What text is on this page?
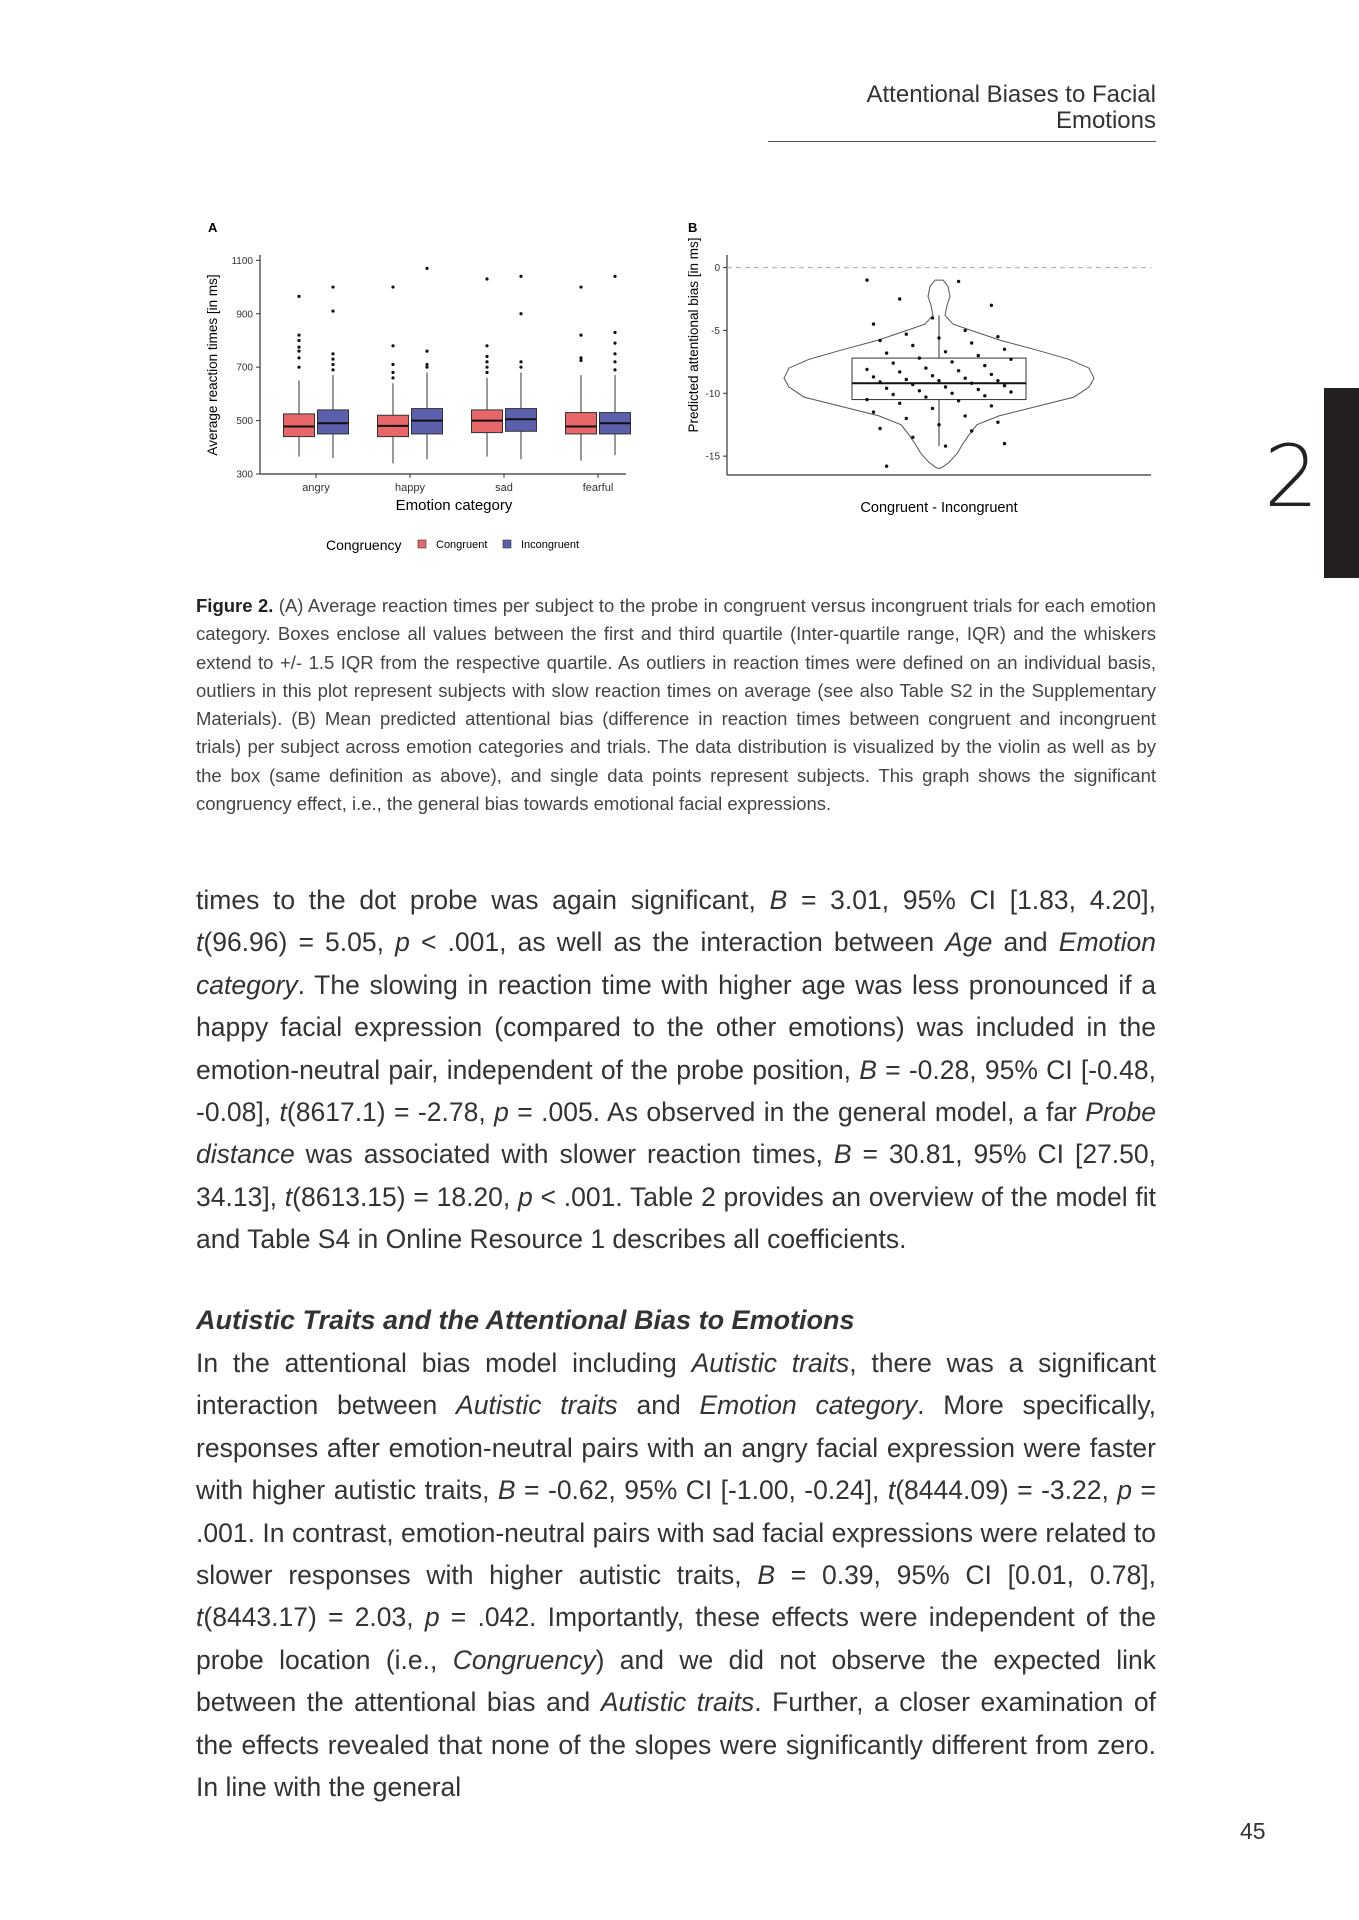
Attentional Biases to Facial Emotions
2
A	B
300
500
700
900
1100
angry	happy	sad	fearful
Average reaction times [in ms]
Emotion category
Congruency	Congruent	Incongruent
0
-5
-10
-15
Predicted attentional bias [in ms]
Congruent - Incongruent
Figure 2. (A) Average reaction times per subject to the probe in congruent versus incongruent trials for each emotion category. Boxes enclose all values between the first and third quartile (Inter-quartile range, IQR) and the whiskers extend to +/- 1.5 IQR from the respective quartile. As outliers in reaction times were defined on an individual basis, outliers in this plot represent subjects with slow reaction times on average (see also Table S2 in the Supplementary Materials). (B) Mean predicted attentional bias (difference in reaction times between congruent and incongruent trials) per subject across emotion categories and trials. The data distribution is visualized by the violin as well as by the box (same definition as above), and single data points represent subjects. This graph shows the significant congruency effect, i.e., the general bias towards emotional facial expressions.
times to the dot probe was again significant, B = 3.01, 95% CI [1.83, 4.20], t(96.96) = 5.05, p < .001, as well as the interaction between Age and Emotion category. The slowing in reaction time with higher age was less pronounced if a happy facial expression (compared to the other emotions) was included in the emotion-neutral pair, independent of the probe position, B = -0.28, 95% CI [-0.48, -0.08], t(8617.1) = -2.78, p = .005. As observed in the general model, a far Probe distance was associated with slower reaction times, B = 30.81, 95% CI [27.50, 34.13], t(8613.15) = 18.20, p < .001. Table 2 provides an overview of the model fit and Table S4 in Online Resource 1 describes all coefficients.
Autistic Traits and the Attentional Bias to Emotions
In the attentional bias model including Autistic traits, there was a significant interaction between Autistic traits and Emotion category. More specifically, responses after emotion-neutral pairs with an angry facial expression were faster with higher autistic traits, B = -0.62, 95% CI [-1.00, -0.24], t(8444.09) = -3.22, p = .001. In contrast, emotion-neutral pairs with sad facial expressions were related to slower responses with higher autistic traits, B = 0.39, 95% CI [0.01, 0.78], t(8443.17) = 2.03, p = .042. Importantly, these effects were independent of the probe location (i.e., Congruency) and we did not observe the expected link between the attentional bias and Autistic traits. Further, a closer examination of the effects revealed that none of the slopes were significantly different from zero. In line with the general
45
